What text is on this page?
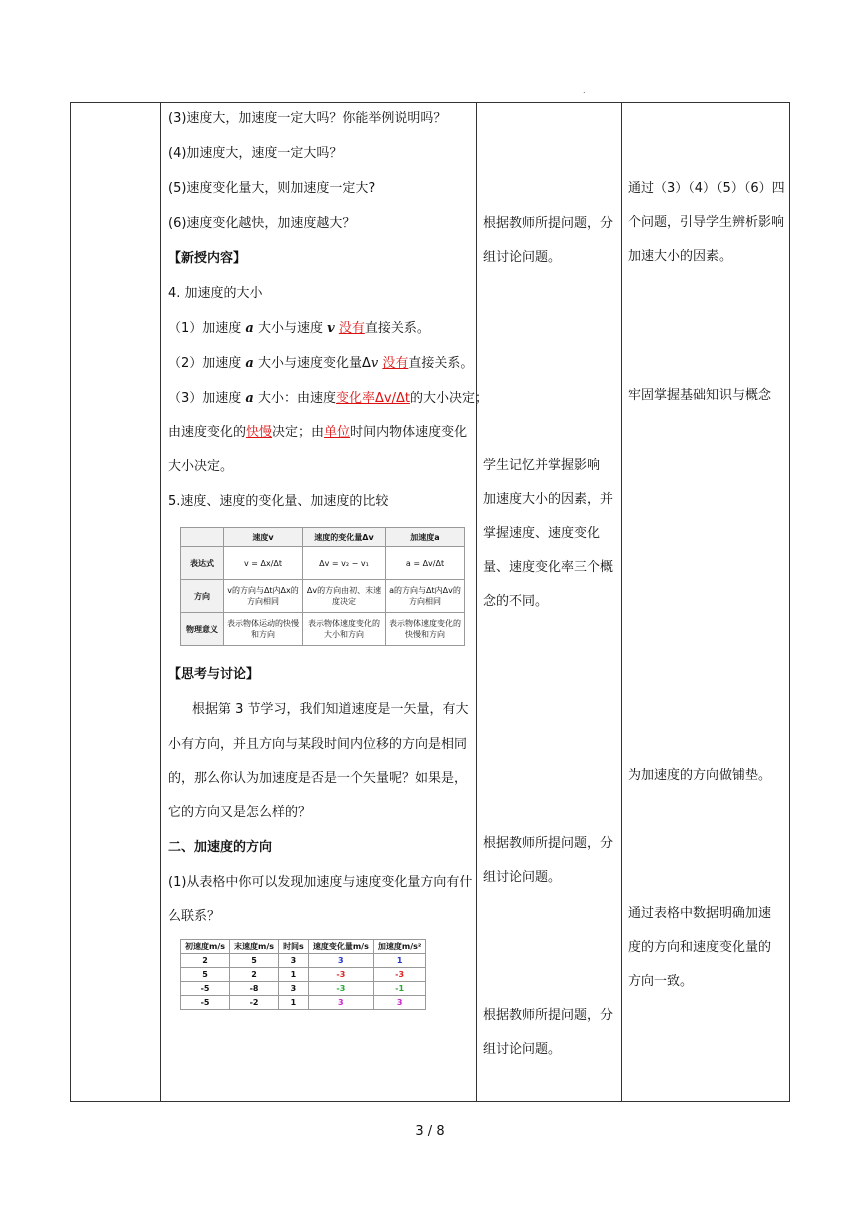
.
(3)速度大，加速度一定大吗？你能举例说明吗？
(4)加速度大，速度一定大吗？
(5)速度变化量大，则加速度一定大?
(6)速度变化越快，加速度越大？
【新授内容】
4. 加速度的大小
（1）加速度 a 大小与速度 v 没有直接关系。
（2）加速度 a 大小与速度变化量Δv 没有直接关系。
（3）加速度 a 大小：由速度变化率Δv/Δt的大小决定；
由速度变化的快慢决定；由单位时间内物体速度变化
大小决定。
5.速度、速度的变化量、加速度的比较
	速度v	速度的变化量Δv	加速度a
表达式	v = Δx/Δt	Δv = v₂ − v₁	a = Δv/Δt
方向	v的方向与Δt内Δx的方向相同	Δv的方向由初、末速度决定	a的方向与Δt内Δv的方向相同
物理意义	表示物体运动的快慢和方向	表示物体速度变化的大小和方向	表示物体速度变化的快慢和方向
【思考与讨论】
根据第 3 节学习，我们知道速度是一矢量，有大
小有方向，并且方向与某段时间内位移的方向是相同
的，那么你认为加速度是否是一个矢量呢？如果是，
它的方向又是怎么样的？
二、加速度的方向
(1)从表格中你可以发现加速度与速度变化量方向有什
么联系？
初速度m/s	末速度m/s	时间s	速度变化量m/s	加速度m/s²
2	5	3	3	1
5	2	1	-3	-3
-5	-8	3	-3	-1
-5	-2	1	3	3
根据教师所提问题，分
组讨论问题。
学生记忆并掌握影响
加速度大小的因素，并
掌握速度、速度变化
量、速度变化率三个概
念的不同。
根据教师所提问题，分
组讨论问题。
根据教师所提问题，分
组讨论问题。
通过（3）（4）（5）（6）四
个问题，引导学生辨析影响
加速大小的因素。
牢固掌握基础知识与概念
为加速度的方向做铺垫。
通过表格中数据明确加速
度的方向和速度变化量的
方向一致。
3 / 8
